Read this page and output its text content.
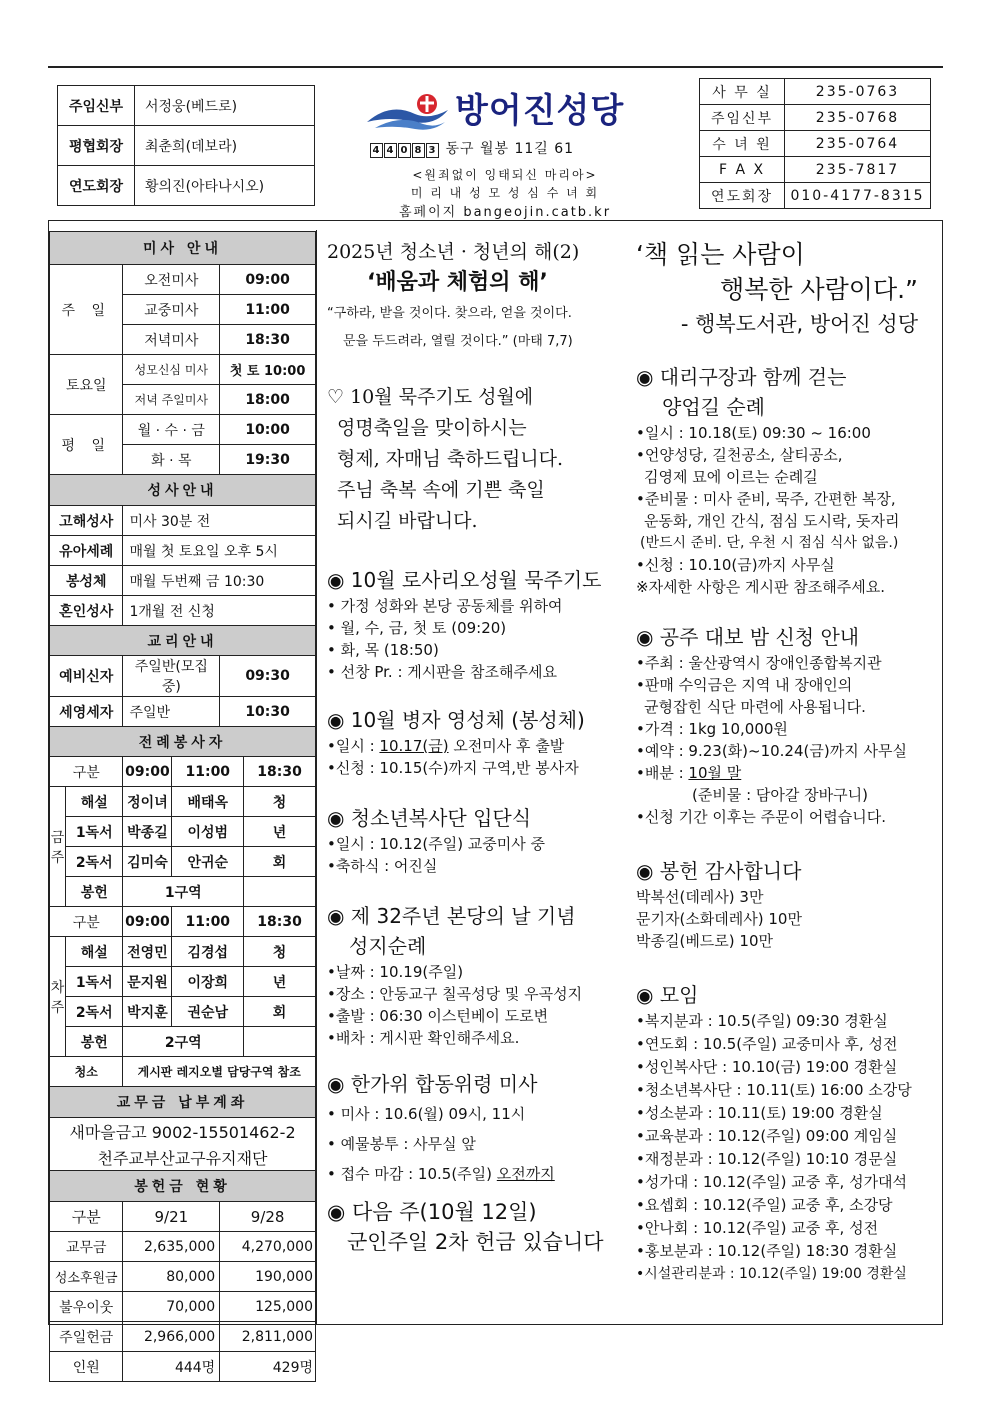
주임신부	서정웅(베드로)
평협회장	최춘희(데보라)
연도회장	황의진(아타나시오)
방어진성당
4 4 0 8 3 동구 월봉 11길 61
<원죄없이 잉태되신 마리아>
미 리 내 성 모 성 심 수 녀 회
홈페이지 bangeojin.catb.kr
사 무 실	235-0763
주임신부	235-0768
수 녀 원	235-0764
F A X	235-7817
연도회장	010-4177-8315
미사 안내					
주 일		오전미사		09:00	
		교중미사		11:00	
		저녁미사		18:30	
토요일		성모신심 미사		첫 토 10:00	
		저녁 주일미사		18:00	
평 일		월 · 수 · 금		10:00	
		화 · 목		19:30	
성사안내					
고해성사		미사 30분 전			
유아세례		매월 첫 토요일 오후 5시			
봉성체		매월 두번째 금 10:30			
혼인성사		1개월 전 신청			
교리안내					
예비신자		주일반(모집 중)		09:30	
세영세자		주일반		10:30	
전례봉사자					
구분		09:00	11:00		18:30
금
주	해설	정이녀	배태옥		청
	1독서	박종길	이성범		년
	2독서	김미숙	안귀순		회
	봉헌	1구역			
구분		09:00	11:00		18:30
차
주	해설	전영민	김경섭		청
	1독서	문지원	이장희		년
	2독서	박지훈	권순남		회
	봉헌	2구역			
청소		게시판 레지오별 담당구역 참조			
교무금 납부계좌					
새마을금고 9002-15501462-2					
천주교부산교구유지재단					
봉헌금 현황					
구분		9/21		9/28	
교무금		2,635,000		4,270,000	
성소후원금		80,000		190,000	
불우이웃		70,000		125,000	
주일헌금		2,966,000		2,811,000	
인원		444명		429명	

2025년 청소년 · 청년의 해(2)

‘배움과 체험의 해’

“구하라, 받을 것이다. 찾으라, 얻을 것이다.

문을 두드려라, 열릴 것이다.” (마태 7,7)

♡ 10월 묵주기도 성월에

영명축일을 맞이하시는

형제, 자매님 축하드립니다.

주님 축복 속에 기쁜 축일

되시길 바랍니다.

◉ 10월 로사리오성월 묵주기도

• 가정 성화와 본당 공동체를 위하여

• 월, 수, 금, 첫 토 (09:20)

• 화, 목 (18:50)

• 선창 Pr. : 게시판을 참조해주세요

◉ 10월 병자 영성체 (봉성체)

•일시 : 10.17(금) 오전미사 후 출발

•신청 : 10.15(수)까지 구역,반 봉사자

◉ 청소년복사단 입단식

•일시 : 10.12(주일) 교중미사 중

•축하식 : 어진실

◉ 제 32주년 본당의 날 기념

성지순례

•날짜 : 10.19(주일)

•장소 : 안동교구 칠곡성당 및 우곡성지

•출발 : 06:30 이스턴베이 도로변

•배차 : 게시판 확인해주세요.

◉ 한가위 합동위령 미사

• 미사 : 10.6(월) 09시, 11시

• 예물봉투 : 사무실 앞

• 접수 마감 : 10.5(주일) 오전까지

◉ 다음 주(10월 12일)

군인주일 2차 헌금 있습니다

‘책 읽는 사람이

행복한 사람이다.”

- 행복도서관, 방어진 성당

◉ 대리구장과 함께 걷는

양업길 순례

•일시 : 10.18(토) 09:30 ~ 16:00

•언양성당, 길천공소, 살티공소,

김영제 묘에 이르는 순례길

•준비물 : 미사 준비, 묵주, 간편한 복장,

운동화, 개인 간식, 점심 도시락, 돗자리

(반드시 준비. 단, 우천 시 점심 식사 없음.)

•신청 : 10.10(금)까지 사무실

※자세한 사항은 게시판 참조해주세요.

◉ 공주 대보 밤 신청 안내

•주최 : 울산광역시 장애인종합복지관

•판매 수익금은 지역 내 장애인의

균형잡힌 식단 마련에 사용됩니다.

•가격 : 1kg 10,000원

•예약 : 9.23(화)~10.24(금)까지 사무실

•배분 : 10월 말

(준비물 : 담아갈 장바구니)

•신청 기간 이후는 주문이 어렵습니다.

◉ 봉헌 감사합니다

박복선(데레사) 3만

문기자(소화데레사) 10만

박종길(베드로) 10만

◉ 모임

•복지분과 : 10.5(주일) 09:30 경환실

•연도회 : 10.5(주일) 교중미사 후, 성전

•성인복사단 : 10.10(금) 19:00 경환실

•청소년복사단 : 10.11(토) 16:00 소강당

•성소분과 : 10.11(토) 19:00 경환실

•교육분과 : 10.12(주일) 09:00 계임실

•재정분과 : 10.12(주일) 10:10 경문실

•성가대 : 10.12(주일) 교중 후, 성가대석

•요셉회 : 10.12(주일) 교중 후, 소강당

•안나회 : 10.12(주일) 교중 후, 성전

•홍보분과 : 10.12(주일) 18:30 경환실

•시설관리분과 : 10.12(주일) 19:00 경환실
